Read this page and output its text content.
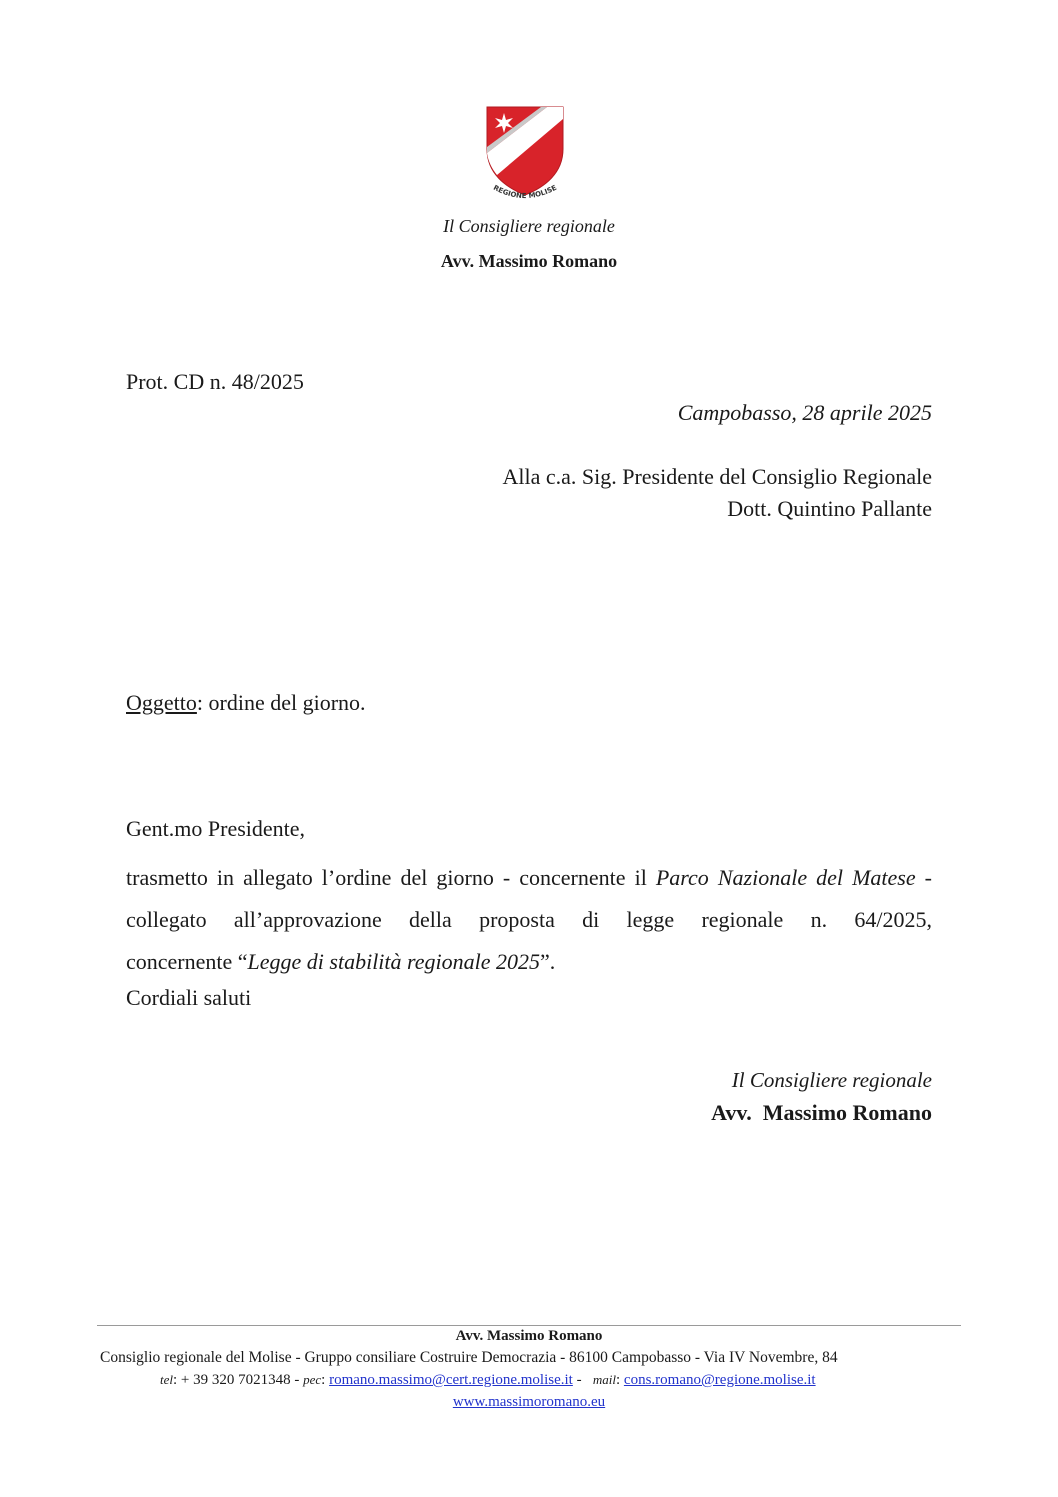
REGIONE MOLISE
Il Consigliere regionale
Avv. Massimo Romano
Prot. CD n. 48/2025
Campobasso, 28 aprile 2025
Alla c.a. Sig. Presidente del Consiglio Regionale
Dott. Quintino Pallante
Oggetto: ordine del giorno.
Gent.mo Presidente,
trasmetto in allegato l’ordine del giorno - concernente il Parco Nazionale del Matese -
collegato all’approvazione della proposta di legge regionale n. 64/2025,
concernente “Legge di stabilità regionale 2025”.
Cordiali saluti
Il Consigliere regionale
Avv.  Massimo Romano
Avv. Massimo Romano
Consiglio regionale del Molise - Gruppo consiliare Costruire Democrazia - 86100 Campobasso - Via IV Novembre, 84
tel: + 39 320 7021348 - pec: romano.massimo@cert.regione.molise.it -   mail: cons.romano@regione.molise.it
www.massimoromano.eu
